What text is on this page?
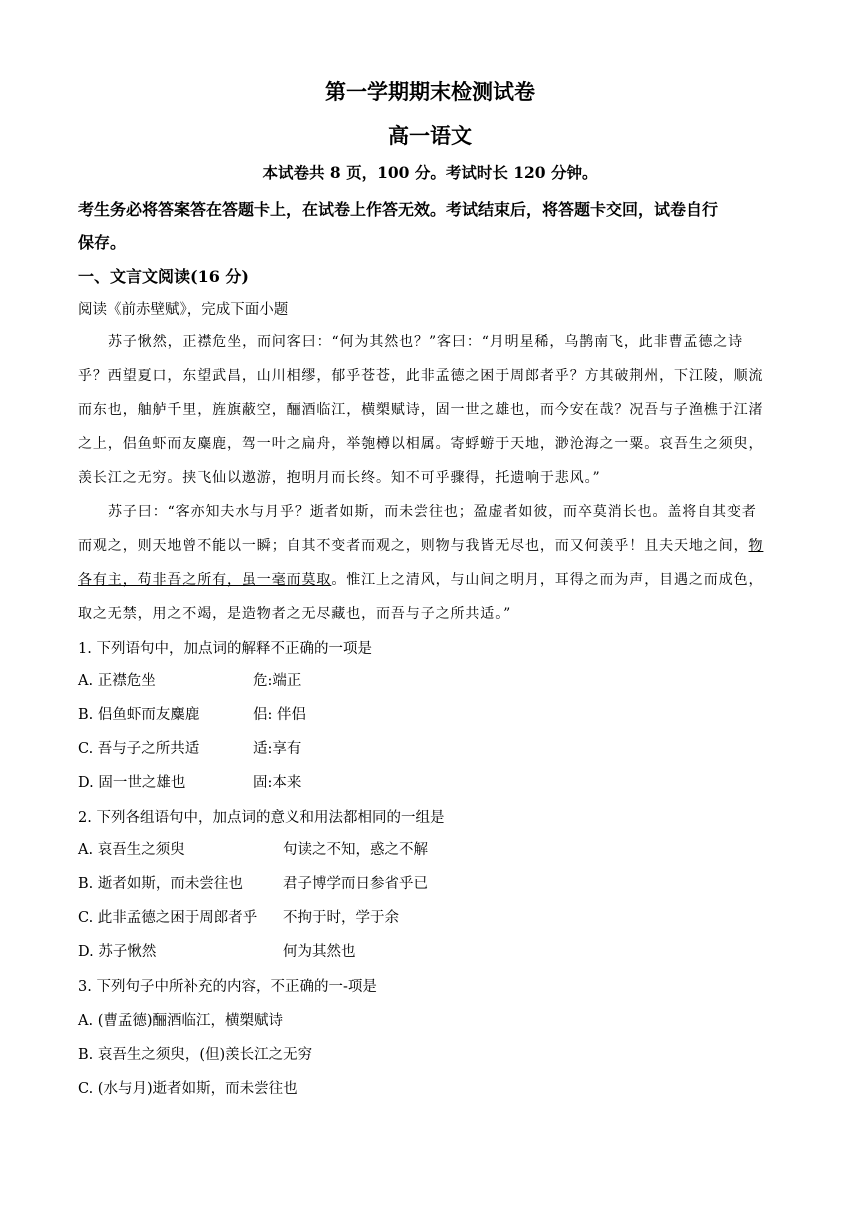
第一学期期末检测试卷
高一语文
本试卷共 8 页，100 分。考试时长 120 分钟。
考生务必将答案答在答题卡上，在试卷上作答无效。考试结束后，将答题卡交回，试卷自行
保存。
一、文言文阅读(16 分)
阅读《前赤壁赋》，完成下面小题
苏子愀然，正襟危坐，而问客曰：“何为其然也？”客曰：“月明星稀，乌鹊南飞，此非曹孟德之诗
乎？西望夏口，东望武昌，山川相缪，郁乎苍苍，此非孟德之困于周郎者乎？方其破荆州，下江陵，顺流
而东也，舳舻千里，旌旗蔽空，酾酒临江，横槊赋诗，固一世之雄也，而今安在哉？况吾与子渔樵于江渚
之上，侣鱼虾而友麋鹿，驾一叶之扁舟，举匏樽以相属。寄蜉蝣于天地，渺沧海之一粟。哀吾生之须臾，
羡长江之无穷。挟飞仙以遨游，抱明月而长终。知不可乎骤得，托遗响于悲风。”
苏子曰：“客亦知夫水与月乎？逝者如斯，而未尝往也；盈虚者如彼，而卒莫消长也。盖将自其变者
而观之，则天地曾不能以一瞬；自其不变者而观之，则物与我皆无尽也，而又何羡乎！且夫天地之间，物
各有主，苟非吾之所有，虽一毫而莫取。惟江上之清风，与山间之明月，耳得之而为声，目遇之而成色，
取之无禁，用之不竭，是造物者之无尽藏也，而吾与子之所共适。”
1. 下列语句中，加点词的解释不正确的一项是
A. 正襟危坐	危:端正
B. 侣鱼虾而友麋鹿	侣: 伴侣
C. 吾与子之所共适	适:享有
D. 固一世之雄也	固:本来
2. 下列各组语句中，加点词的意义和用法都相同的一组是
A. 哀吾生之须臾	句读之不知，惑之不解
B. 逝者如斯，而未尝往也	君子博学而日参省乎已
C. 此非孟德之困于周郎者乎 不拘于时，学于余
D. 苏子愀然	何为其然也
3. 下列句子中所补充的内容，不正确的一-项是
A. (曹孟德)酾酒临江，横槊赋诗
B. 哀吾生之须臾，(但)羡长江之无穷
C. (水与月)逝者如斯，而未尝往也
